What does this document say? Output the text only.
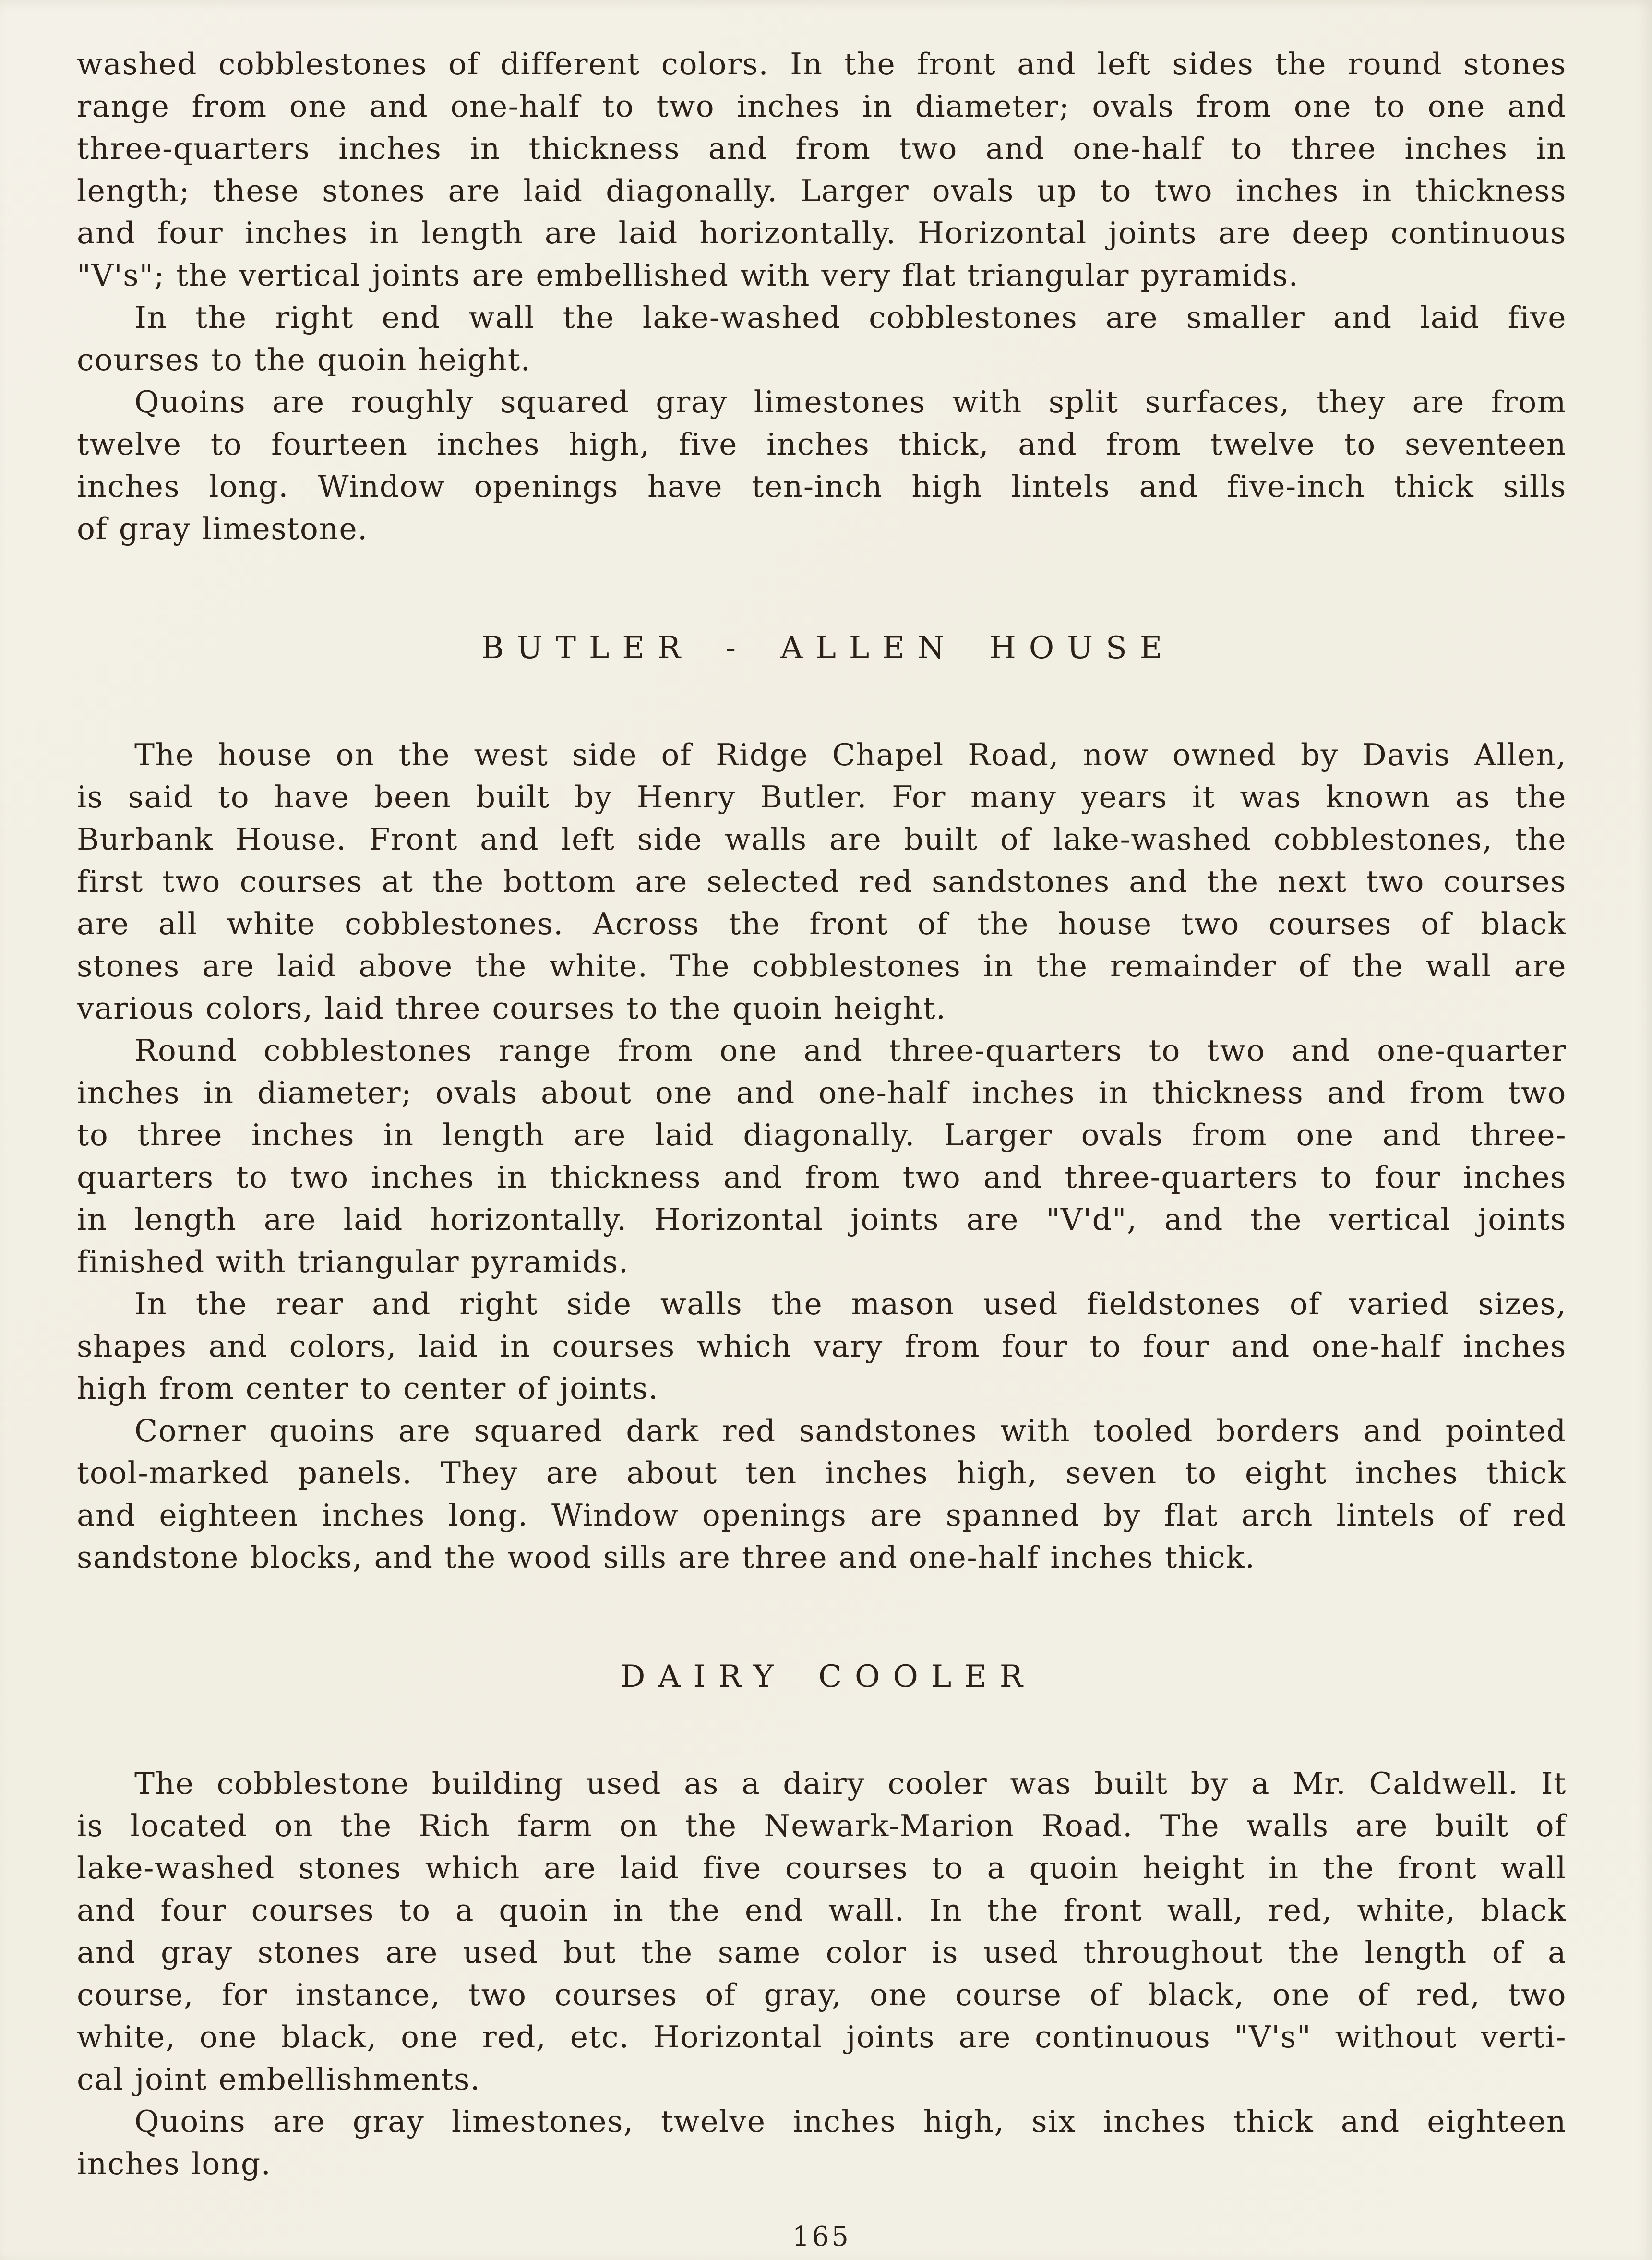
washed cobblestones of different colors. In the front and left sides the round stones
range from one and one-half to two inches in diameter; ovals from one to one and
three-quarters inches in thickness and from two and one-half to three inches in
length; these stones are laid diagonally. Larger ovals up to two inches in thickness
and four inches in length are laid horizontally. Horizontal joints are deep continuous
"V's"; the vertical joints are embellished with very flat triangular pyramids.
In the right end wall the lake-washed cobblestones are smaller and laid five
courses to the quoin height.
Quoins are roughly squared gray limestones with split surfaces, they are from
twelve to fourteen inches high, five inches thick, and from twelve to seventeen
inches long. Window openings have ten-inch high lintels and five-inch thick sills
of gray limestone.
BUTLER - ALLEN HOUSE
The house on the west side of Ridge Chapel Road, now owned by Davis Allen,
is said to have been built by Henry Butler. For many years it was known as the
Burbank House. Front and left side walls are built of lake-washed cobblestones, the
first two courses at the bottom are selected red sandstones and the next two courses
are all white cobblestones. Across the front of the house two courses of black
stones are laid above the white. The cobblestones in the remainder of the wall are
various colors, laid three courses to the quoin height.
Round cobblestones range from one and three-quarters to two and one-quarter
inches in diameter; ovals about one and one-half inches in thickness and from two
to three inches in length are laid diagonally. Larger ovals from one and three-
quarters to two inches in thickness and from two and three-quarters to four inches
in length are laid horizontally. Horizontal joints are "V'd", and the vertical joints
finished with triangular pyramids.
In the rear and right side walls the mason used fieldstones of varied sizes,
shapes and colors, laid in courses which vary from four to four and one-half inches
high from center to center of joints.
Corner quoins are squared dark red sandstones with tooled borders and pointed
tool-marked panels. They are about ten inches high, seven to eight inches thick
and eighteen inches long. Window openings are spanned by flat arch lintels of red
sandstone blocks, and the wood sills are three and one-half inches thick.
DAIRY COOLER
The cobblestone building used as a dairy cooler was built by a Mr. Caldwell. It
is located on the Rich farm on the Newark-Marion Road. The walls are built of
lake-washed stones which are laid five courses to a quoin height in the front wall
and four courses to a quoin in the end wall. In the front wall, red, white, black
and gray stones are used but the same color is used throughout the length of a
course, for instance, two courses of gray, one course of black, one of red, two
white, one black, one red, etc. Horizontal joints are continuous "V's" without verti-
cal joint embellishments.
Quoins are gray limestones, twelve inches high, six inches thick and eighteen
inches long.
165
